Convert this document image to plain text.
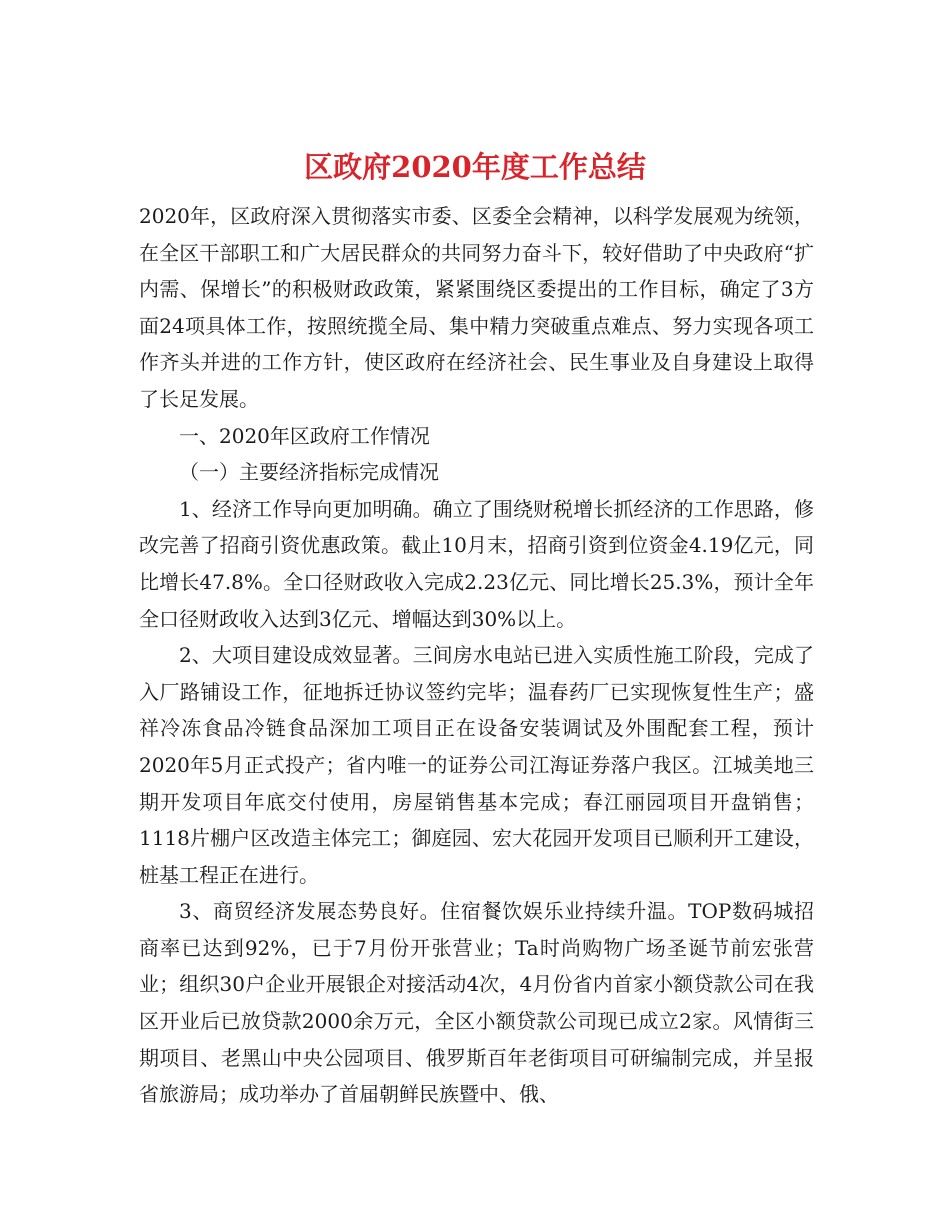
区政府2020年度工作总结

2020年，区政府深入贯彻落实市委、区委全会精神，以科学发展观为统领，在全区干部职工和广大居民群众的共同努力奋斗下，较好借助了中央政府“扩内需、保增长”的积极财政政策，紧紧围绕区委提出的工作目标，确定了3方面24项具体工作，按照统揽全局、集中精力突破重点难点、努力实现各项工作齐头并进的工作方针，使区政府在经济社会、民生事业及自身建设上取得了长足发展。

一、2020年区政府工作情况

（一）主要经济指标完成情况

1、经济工作导向更加明确。确立了围绕财税增长抓经济的工作思路，修改完善了招商引资优惠政策。截止10月末，招商引资到位资金4.19亿元，同比增长47.8%。全口径财政收入完成2.23亿元、同比增长25.3%，预计全年全口径财政收入达到3亿元、增幅达到30%以上。

2、大项目建设成效显著。三间房水电站已进入实质性施工阶段，完成了入厂路铺设工作，征地拆迁协议签约完毕；温春药厂已实现恢复性生产；盛祥冷冻食品冷链食品深加工项目正在设备安装调试及外围配套工程，预计2020年5月正式投产；省内唯一的证券公司江海证券落户我区。江城美地三期开发项目年底交付使用，房屋销售基本完成；春江丽园项目开盘销售；1118片棚户区改造主体完工；御庭园、宏大花园开发项目已顺利开工建设，桩基工程正在进行。

3、商贸经济发展态势良好。住宿餐饮娱乐业持续升温。TOP数码城招商率已达到92%，已于7月份开张营业；Ta时尚购物广场圣诞节前宏张营业；组织30户企业开展银企对接活动4次，4月份省内首家小额贷款公司在我区开业后已放贷款2000余万元，全区小额贷款公司现已成立2家。风情街三期项目、老黑山中央公园项目、俄罗斯百年老街项目可研编制完成，并呈报省旅游局；成功举办了首届朝鲜民族暨中、俄、
